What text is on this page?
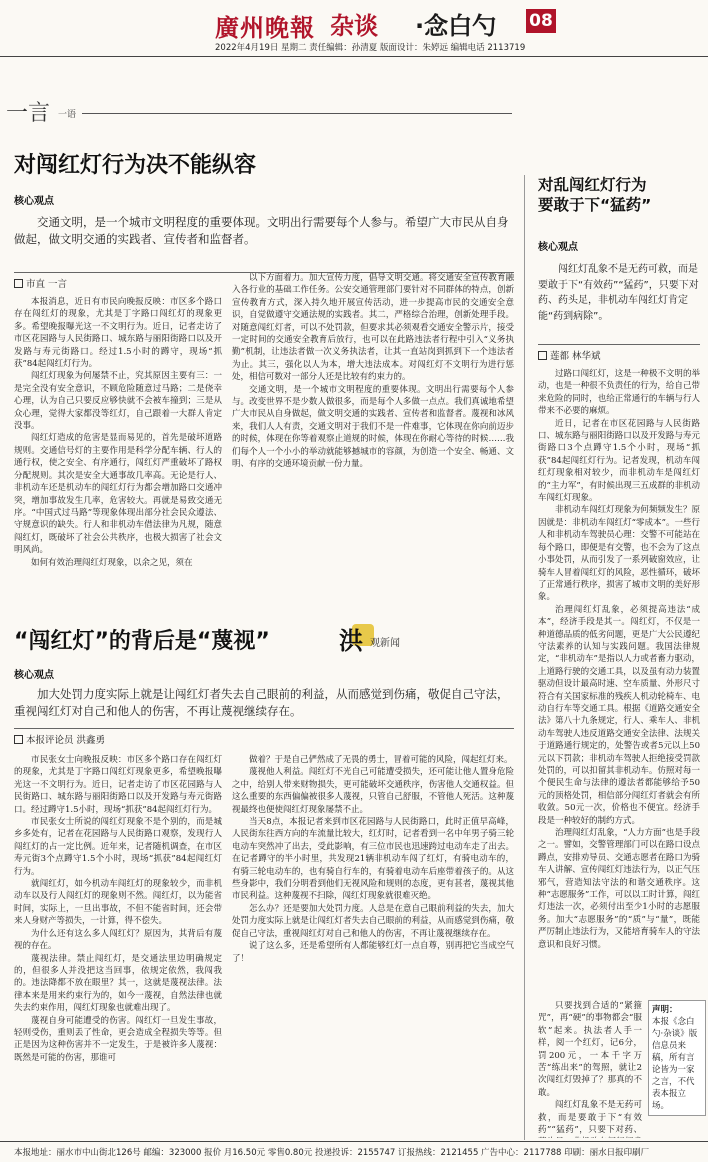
廣州晚報 杂谈 ·念白勺 08
2022年4月19日 星期二 责任编辑：孙清夏 版面设计：朱婷远 编辑电话 2113719
一言 一语
对闯红灯行为决不能纵容
核心观点
交通文明，是一个城市文明程度的重要体现。文明出行需要每个人参与。希望广大市民从自身做起，做文明交通的实践者、宣传者和监督者。
市直 一言

本报消息，近日有市民向晚报反映：市区多个路口存在闯红灯的现象，尤其是丁字路口闯红灯的现象更多。希望晚报曝光这一不文明行为。近日，记者走访了市区花园路与人民街路口、城东路与丽阳街路口以及开发路与寿元街路口。经过1.5小时的蹲守，现场“抓获”84起闯红灯行为。

闯红灯现象为何屡禁不止，究其原因主要有三：一是完全没有安全意识，不顾危险随意过马路；二是侥幸心理，认为自己只要反应够快就不会被车撞到；三是从众心理，觉得大家都没等红灯，自己跟着一大群人肯定没事。

闯红灯造成的危害是显而易见的，首先是破坏道路规则。交通信号灯的主要作用是科学分配车辆、行人的通行权，使之安全、有序通行，闯红灯严重破坏了路权分配规则。其次是安全大通事故几率高。无论是行人、非机动车还是机动车的闯红灯行为都会增加路口交通冲突，增加事故发生几率，危害较大。再就是易致交通无序。“中国式过马路”等现象体现出部分社会民众遵法、守规意识的缺失。行人和非机动车借法律为凡规，随意闯红灯，既破坏了社会公共秩序，也极大损害了社会文明风尚。

如何有效治理闯红灯现象，以余之见，须在

以下方面着力。加大宣传力度，倡导文明交通。将交通安全宣传教育融入各行业的基础工作任务。公安交通管理部门要针对不同群体的特点，创新宣传教育方式，深入持久地开展宣传活动，进一步提高市民的交通安全意识，自觉做遵守交通法规的实践者。其二，严格综合治理，创新处理手段。对随意闯红灯者，可以不处罚款，但要求其必须观看交通安全警示片，接受一定时间的交通安全教育后放行，也可以在此路违法者行程中引入“义务执勤”机制，让违法者做一次义务执法者，让其一直站岗到抓到下一个违法者为止。其三，强化以人为本，增大违法成本。对闯红灯不文明行为进行惩处，相信可数对一部分人还是比较有约束力的。

交通文明，是一个城市文明程度的重要体现。文明出行需要每个人参与。改变世界不是少数人做很多，而是每个人多做一点点。我们真诚地希望广大市民从自身做起，做文明交通的实践者、宣传者和监督者。蔑视和冰风来，我们人人有责，交通文明对于我们不是一件难事，它体现在你向前迈步的时候，体现在你等着观察止道规的时候，体现在你耐心等待的时候……我们每个人一个小小的举动就能够撼城市的容颜，为创造一个安全、畅通、文明、有序的交通环境贡献一份力量。

“闯红灯”的背后是“蔑视”	洪 观新闻
核心观点
加大处罚力度实际上就是让闯红灯者失去自己眼前的利益，从而感觉到伤痛，敬促自己守法，重视闯红灯对自己和他人的伤害，不再让蔑视继续存在。
本报评论员 洪鑫勇

市民张女士向晚报反映：市区多个路口存在闯红灯的现象，尤其是丁字路口闯红灯现象更多，希望晚报曝光这一不文明行为。近日，记者走访了市区花园路与人民街路口、城东路与丽阳街路口以及开发路与寿元街路口。经过蹲守1.5小时，现场“抓获”84起闯红灯行为。

市民张女士所说的闯红灯现象不是个别的，而是城乡多处有，记者在花园路与人民街路口观察，发现行人闯红灯的占一定比例。近年来，记者随机调查，在市区寿元街3个点蹲守1.5个小时，现场“抓获”84起闯红灯行为。

就闯红灯，如今机动车闯红灯的现象较少，而非机动车以及行人闯红灯的现象则不然。闯红灯，以为能省时间，实际上，一旦出事故，不但不能省时间，还会带来人身财产等损失，一计算，得不偿失。

为什么还有这么多人闯红灯？原因为，其背后有蔑视的存在。

蔑视法律。禁止闯红灯，是交通法里边明确规定的，但很多人并没把这当回事，依规定依然，我闯我的。违法降都不放在眼里？其一，这就是蔑视法律。法律本来是用来约束行为的，如今一蔑视，自然法律也就失去约束作用，闯红灯现象也就难出现了。

蔑视自身可能遭受的伤害。闯红灯一旦发生事故，轻则受伤，重则丢了性命，更会造成全程损失等等。但正是因为这种伤害并不一定发生，于是被许多人蔑视：既然是可能的伤害，那谁可

做着？于是自己俨然成了无畏的勇士，冒着可能的风险，闯起红灯来。

蔑视他人利益。闯红灯不光自己可能遭受损失，还可能让他人置身危险之中，给别人带来财物损失，更可能破坏交通秩序，伤害他人交通权益。但这么重要的东西偏偏被很多人蔑视，只管自己舒服，不管他人死活。这种蔑视最终也便使闯红灯现象屡禁不止。

当天8点，本报记者来到市区花园路与人民街路口，此时正值早高峰，人民街东往西方向的车流量比较大，红灯时，记者看到一名中年男子骑三轮电动车突然冲了出去，受此影响，有三位市民也迅速跨过电动车走了出去。在记者蹲守的半小时里，共发现21辆非机动车闯了红灯，有骑电动车的，有骑三轮电动车的，也有骑自行车的，有骑着电动车后座带着孩子的。从这些身影中，我们分明看到他们无视风险和规则的态度，更有甚者，蔑视其他市民利益。这种蔑视不扫除，闯红灯现象就很难灭绝。

怎么办？还是要加大处罚力度。人总是在意自己眼前利益的失去，加大处罚力度实际上就是让闯红灯者失去自己眼前的利益，从而感觉到伤痛，敬促自己守法，重视闯红灯对自己和他人的伤害，不再让蔑视继续存在。

说了这么多，还是希望所有人都能够红灯一点自尊，别再把它当成空气了！

对乱闯红灯行为
要敢于下“猛药”
核心观点
闯红灯乱象不是无药可救，而是要敢于下“有效药”“猛药”，只要下对药、药头足，非机动车闯红灯肯定能“药到病除”。
莲都 林华斌

过路口闯红灯，这是一种极不文明的举动，也是一种很不负责任的行为，给自己带来危险的同时，也给正常通行的车辆与行人带来不必要的麻烦。

近日，记者在市区花园路与人民街路口、城东路与丽阳街路口以及开发路与寿元街路口3个点蹲守1.5个小时，现场“抓获”84起闯红灯行为。记者发现，机动车闯红灯现象相对较少，而非机动车是闯红灯的“主力军”，有时候出现三五成群的非机动车闯红灯现象。

非机动车闯红灯现象为何频频发生？原因就是：非机动车闯红灯“零成本”。一些行人和非机动车驾驶员心理：交警不可能站在每个路口，即便是有交警，也不会为了这点小事处罚，从而引发了一系列破窗效应，让骑车人冒着闯红灯的风险，恶性循环，破坏了正常通行秩序，损害了城市文明的美好形象。

治理闯红灯乱象，必须提高违法“成本”，经济手段是其一。闯红灯，不仅是一种道德品质的低劣问题，更是广大公民遵纪守法素养的认知与实践问题。我国法律规定，“非机动车”是指以人力或者畜力驱动，上道路行驶的交通工具，以及虽有动力装置驱动但设计最高时速、空车质量、外形尺寸符合有关国家标准的残疾人机动轮椅车、电动自行车等交通工具。根据《道路交通安全法》第八十九条规定，行人、乘车人、非机动车驾驶人违反道路交通安全法律、法规关于道路通行规定的，处警告或者5元以上50元以下罚款；非机动车驾驶人拒绝接受罚款处罚的，可以扣留其非机动车。仿照对每一个便民生命与法律的遵法者都能够给予50元的顶格处罚，相信部分闯红灯者就会有所收敛。50元一次，价格也不便宜。经济手段是一种较好的制约方式。

治理闯红灯乱象，“人力方面”也是手段之一。譬如，交警管理部门可以在路口设点蹲点，安排劝导员、交通志愿者在路口为骑车人讲解、宣传闯红灯违法行为，以正气压邪气，营造知法守法的和谐交通秩序。这种“志愿服务”工作，可以以工时计算，闯红灯违法一次，必须付出至少1小时的志愿服务。加大“志愿服务”的“质”与“量”，既能严厉制止违法行为，又能培育骑车人的守法意识和良好习惯。

声明：
本报《念白勺·杂谈》版信息员来稿，所有言论皆为一家之言，不代表本报立场。

只要找到合适的“紧箍咒”，再“硬”的事物都会“服软”起来。执法者人手一样，阅一个红灯，记6分，罚200元，一本千字万苦“练出来”的驾照，就让2次闯红灯毁掉了？那真的不敢。

闯红灯乱象不是无药可救，而是要敢于下“有效药”“猛药”，只要下对药、

本报地址：丽水市中山街北126号 邮编：323000 报价 月16.50元 零售0.80元 投递投诉：2155747 订报热线：2121455 广告中心：2117788 印刷：丽水日报印刷厂
